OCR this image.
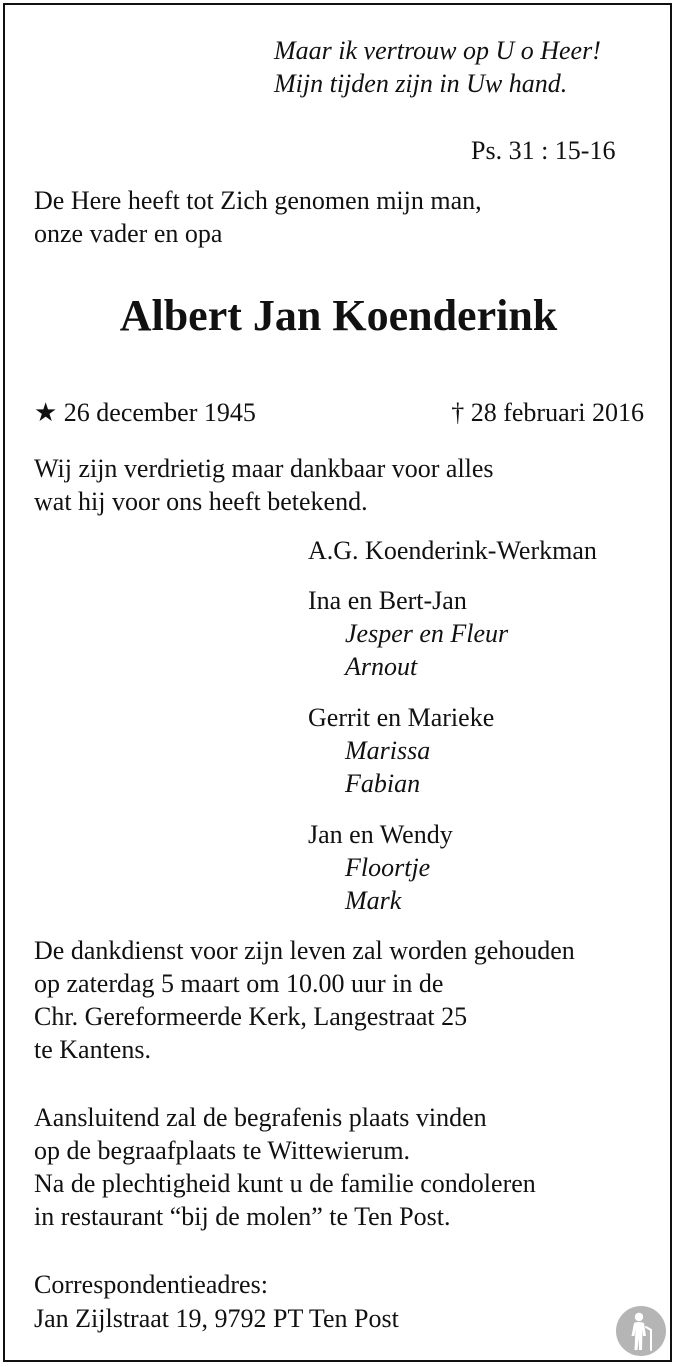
Maar ik vertrouw op U o Heer!
Mijn tijden zijn in Uw hand.
Ps. 31 : 15-16
De Here heeft tot Zich genomen mijn man,
onze vader en opa
Albert Jan Koenderink
★ 26 december 1945	† 28 februari 2016
Wij zijn verdrietig maar dankbaar voor alles
wat hij voor ons heeft betekend.
A.G. Koenderink-Werkman
Ina en Bert-Jan
Jesper en Fleur
Arnout
Gerrit en Marieke
Marissa
Fabian
Jan en Wendy
Floortje
Mark
De dankdienst voor zijn leven zal worden gehouden
op zaterdag 5 maart om 10.00 uur in de
Chr. Gereformeerde Kerk, Langestraat 25
te Kantens.
Aansluitend zal de begrafenis plaats vinden
op de begraafplaats te Wittewierum.
Na de plechtigheid kunt u de familie condoleren
in restaurant “bij de molen” te Ten Post.
Correspondentieadres:
Jan Zijlstraat 19, 9792 PT Ten Post
